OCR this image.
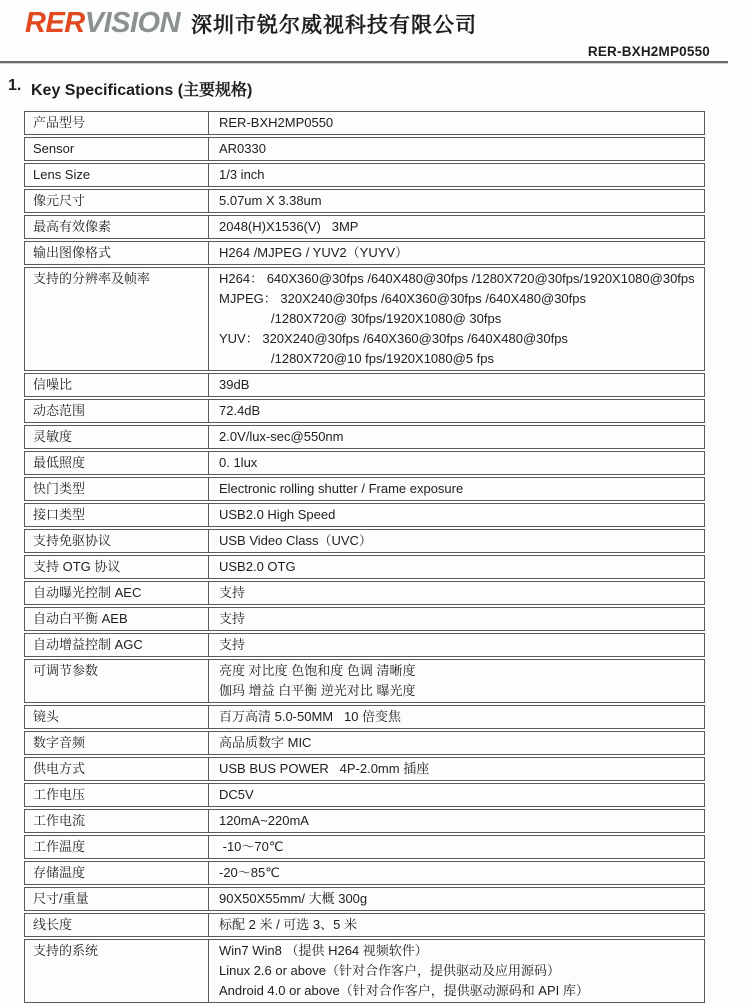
RERVISION 深圳市锐尔威视科技有限公司
RER-BXH2MP0550
1. Key Specifications (主要规格)
产品型号	RER-BXH2MP0550

Sensor	AR0330

Lens Size	1/3 inch

像元尺寸	5.07um X 3.38um

最高有效像素	2048(H)X1536(V)   3MP

输出图像格式	H264 /MJPEG / YUV2（YUYV）

支持的分辨率及帧率	H264： 640X360@30fps /640X480@30fps /1280X720@30fps/1920X1080@30fps
MJPEG： 320X240@30fps /640X360@30fps /640X480@30fps
/1280X720@ 30fps/1920X1080@ 30fps
YUV： 320X240@30fps /640X360@30fps /640X480@30fps
/1280X720@10 fps/1920X1080@5 fps

信噪比	39dB

动态范围	72.4dB

灵敏度	2.0V/lux-sec@550nm

最低照度	0. 1lux

快门类型	Electronic rolling shutter / Frame exposure

接口类型	USB2.0 High Speed

支持免驱协议	USB Video Class（UVC）

支持 OTG 协议	USB2.0 OTG

自动曝光控制 AEC	支持

自动白平衡 AEB	支持

自动增益控制 AGC	支持

可调节参数	亮度 对比度 色饱和度 色调 清晰度
伽玛 增益 白平衡 逆光对比 曝光度

镜头	百万高清 5.0-50MM   10 倍变焦

数字音频	高品质数字 MIC

供电方式	USB BUS POWER   4P-2.0mm 插座

工作电压	DC5V

工作电流	120mA~220mA

工作温度	-10～70℃

存储温度	-20～85℃

尺寸/重量	90X50X55mm/ 大概 300g

线长度	标配 2 米 / 可选 3、5 米

支持的系统	Win7 Win8 （提供 H264 视频软件）
Linux 2.6 or above（针对合作客户，提供驱动及应用源码）
Android 4.0 or above（针对合作客户，提供驱动源码和 API 库）
